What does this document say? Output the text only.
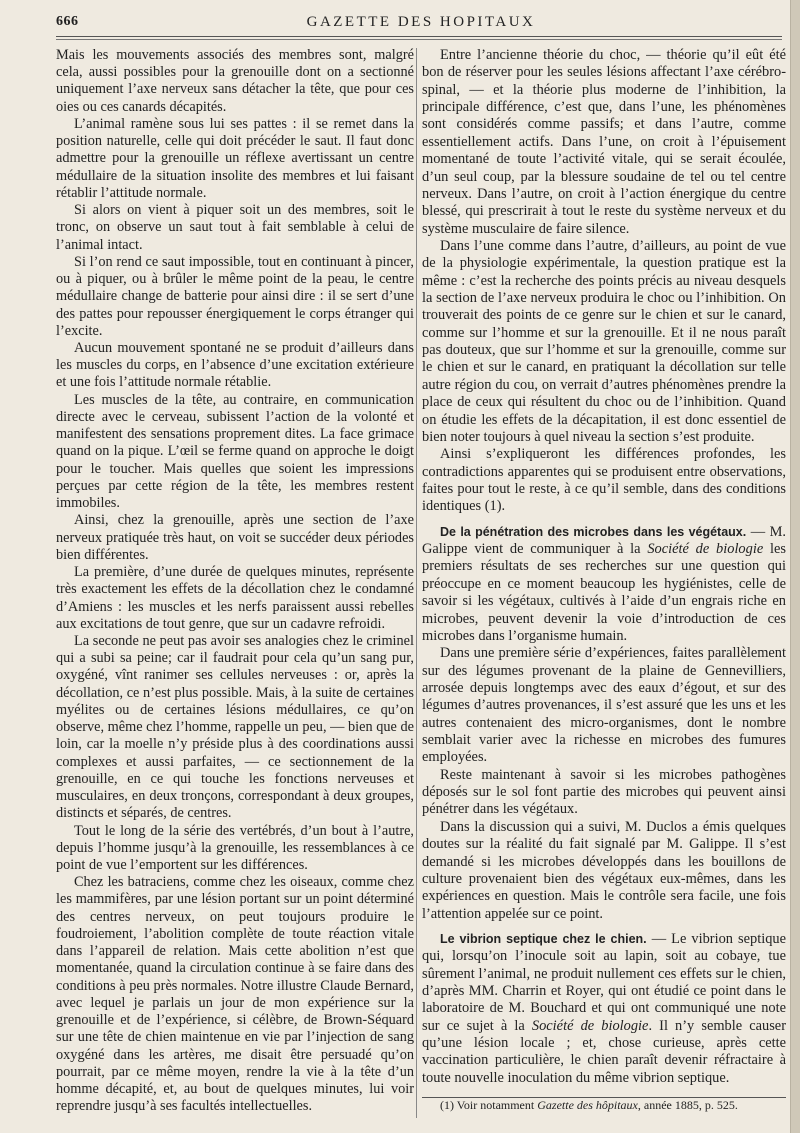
666	GAZETTE DES HOPITAUX

Mais les mouvements associés des membres sont, malgré cela, aussi possibles pour la grenouille dont on a sectionné uniquement l’axe nerveux sans détacher la tête, que pour ces oies ou ces canards décapités.

L’animal ramène sous lui ses pattes : il se remet dans la position naturelle, celle qui doit précéder le saut. Il faut donc admettre pour la grenouille un réflexe avertissant un centre médullaire de la situation insolite des membres et lui faisant rétablir l’attitude normale.

Si alors on vient à piquer soit un des membres, soit le tronc, on observe un saut tout à fait semblable à celui de l’animal intact.

Si l’on rend ce saut impossible, tout en continuant à pincer, ou à piquer, ou à brûler le même point de la peau, le centre médullaire change de batterie pour ainsi dire : il se sert d’une des pattes pour repousser énergiquement le corps étranger qui l’excite.

Aucun mouvement spontané ne se produit d’ailleurs dans les muscles du corps, en l’absence d’une excitation extérieure et une fois l’attitude normale rétablie.

Les muscles de la tête, au contraire, en communication directe avec le cerveau, subissent l’action de la volonté et manifestent des sensations proprement dites. La face grimace quand on la pique. L’œil se ferme quand on approche le doigt pour le toucher. Mais quelles que soient les impressions perçues par cette région de la tête, les membres restent immobiles.

Ainsi, chez la grenouille, après une section de l’axe nerveux pratiquée très haut, on voit se succéder deux périodes bien différentes.

La première, d’une durée de quelques minutes, représente très exactement les effets de la décollation chez le condamné d’Amiens : les muscles et les nerfs paraissent aussi rebelles aux excitations de tout genre, que sur un cadavre refroidi.

La seconde ne peut pas avoir ses analogies chez le criminel qui a subi sa peine; car il faudrait pour cela qu’un sang pur, oxygéné, vînt ranimer ses cellules nerveuses : or, après la décollation, ce n’est plus possible. Mais, à la suite de certaines myélites ou de certaines lésions médullaires, ce qu’on observe, même chez l’homme, rappelle un peu, — bien que de loin, car la moelle n’y préside plus à des coordinations aussi complexes et aussi parfaites, — ce sectionnement de la grenouille, en ce qui touche les fonctions nerveuses et musculaires, en deux tronçons, correspondant à deux groupes, distincts et séparés, de centres.

Tout le long de la série des vertébrés, d’un bout à l’autre, depuis l’homme jusqu’à la grenouille, les ressemblances à ce point de vue l’emportent sur les différences.

Chez les batraciens, comme chez les oiseaux, comme chez les mammifères, par une lésion portant sur un point déterminé des centres nerveux, on peut toujours produire le foudroiement, l’abolition complète de toute réaction vitale dans l’appareil de relation. Mais cette abolition n’est que momentanée, quand la circulation continue à se faire dans des conditions à peu près normales. Notre illustre Claude Bernard, avec lequel je parlais un jour de mon expérience sur la grenouille et de l’expérience, si célèbre, de Brown-Séquard sur une tête de chien maintenue en vie par l’injection de sang oxygéné dans les artères, me disait être persuadé qu’on pourrait, par ce même moyen, rendre la vie à la tête d’un homme décapité, et, au bout de quelques minutes, lui voir reprendre jusqu’à ses facultés intellectuelles.

Entre l’ancienne théorie du choc, — théorie qu’il eût été bon de réserver pour les seules lésions affectant l’axe cérébro-spinal, — et la théorie plus moderne de l’inhibition, la principale différence, c’est que, dans l’une, les phénomènes sont considérés comme passifs; et dans l’autre, comme essentiellement actifs. Dans l’une, on croit à l’épuisement momentané de toute l’activité vitale, qui se serait écoulée, d’un seul coup, par la blessure soudaine de tel ou tel centre nerveux. Dans l’autre, on croit à l’action énergique du centre blessé, qui prescrirait à tout le reste du système nerveux et du système musculaire de faire silence.

Dans l’une comme dans l’autre, d’ailleurs, au point de vue de la physiologie expérimentale, la question pratique est la même : c’est la recherche des points précis au niveau desquels la section de l’axe nerveux produira le choc ou l’inhibition. On trouverait des points de ce genre sur le chien et sur le canard, comme sur l’homme et sur la grenouille. Et il ne nous paraît pas douteux, que sur l’homme et sur la grenouille, comme sur le chien et sur le canard, en pratiquant la décollation sur telle autre région du cou, on verrait d’autres phénomènes prendre la place de ceux qui résultent du choc ou de l’inhibition. Quand on étudie les effets de la décapitation, il est donc essentiel de bien noter toujours à quel niveau la section s’est produite.

Ainsi s’expliqueront les différences profondes, les contradictions apparentes qui se produisent entre observations, faites pour tout le reste, à ce qu’il semble, dans des conditions identiques (1).

De la pénétration des microbes dans les végétaux. — M. Galippe vient de communiquer à la Société de biologie les premiers résultats de ses recherches sur une question qui préoccupe en ce moment beaucoup les hygiénistes, celle de savoir si les végétaux, cultivés à l’aide d’un engrais riche en microbes, peuvent devenir la voie d’introduction de ces microbes dans l’organisme humain.

Dans une première série d’expériences, faites parallèlement sur des légumes provenant de la plaine de Gennevilliers, arrosée depuis longtemps avec des eaux d’égout, et sur des légumes d’autres provenances, il s’est assuré que les uns et les autres contenaient des micro-organismes, dont le nombre semblait varier avec la richesse en microbes des fumures employées.

Reste maintenant à savoir si les microbes pathogènes déposés sur le sol font partie des microbes qui peuvent ainsi pénétrer dans les végétaux.

Dans la discussion qui a suivi, M. Duclos a émis quelques doutes sur la réalité du fait signalé par M. Galippe. Il s’est demandé si les microbes développés dans les bouillons de culture provenaient bien des végétaux eux-mêmes, dans les expériences en question. Mais le contrôle sera facile, une fois l’attention appelée sur ce point.

Le vibrion septique chez le chien. — Le vibrion septique qui, lorsqu’on l’inocule soit au lapin, soit au cobaye, tue sûrement l’animal, ne produit nullement ces effets sur le chien, d’après MM. Charrin et Royer, qui ont étudié ce point dans le laboratoire de M. Bouchard et qui ont communiqué une note sur ce sujet à la Société de biologie. Il n’y semble causer qu’une lésion locale ; et, chose curieuse, après cette vaccination particulière, le chien paraît devenir réfractaire à toute nouvelle inoculation du même vibrion septique.

(1) Voir notamment Gazette des hôpitaux, année 1885, p. 525.
